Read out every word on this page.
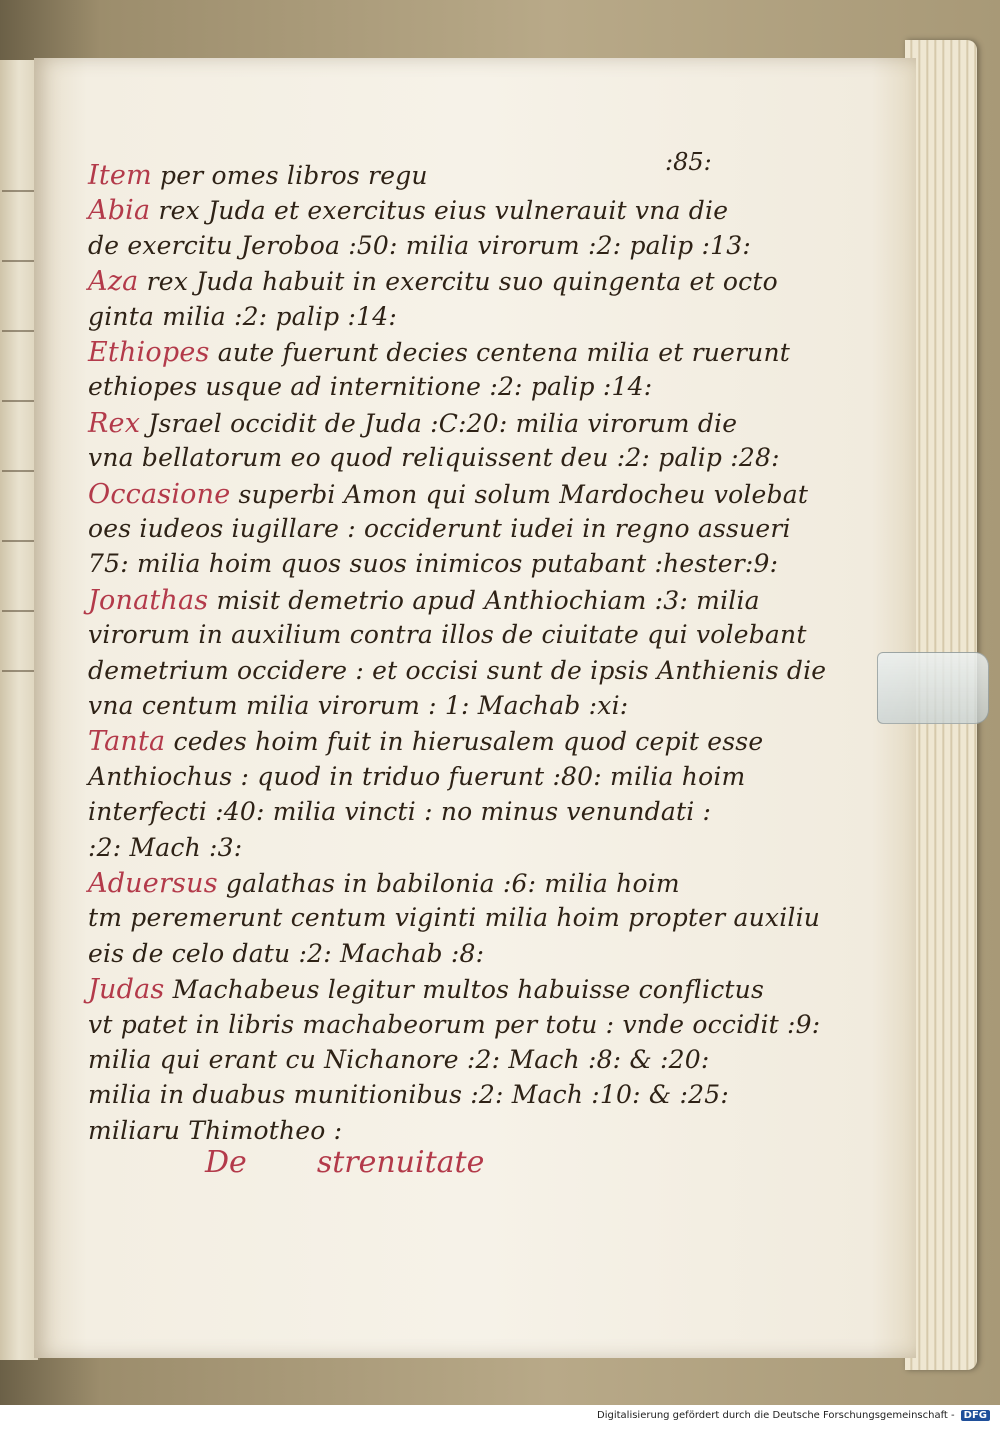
:85:
Item per omes libros regu
Abia rex Juda et exercitus eius vulnerauit vna die
de exercitu Jeroboa :50: milia virorum :2: palip :13:
Aza rex Juda habuit in exercitu suo quingenta et octo
ginta milia :2: palip :14:
Ethiopes aute fuerunt decies centena milia et ruerunt
ethiopes usque ad internitione :2: palip :14:
Rex Jsrael occidit de Juda :C:20: milia virorum die
vna bellatorum eo quod reliquissent deu :2: palip :28:
Occasione superbi Amon qui solum Mardocheu volebat
oes iudeos iugillare : occiderunt iudei in regno assueri
75: milia hoim quos suos inimicos putabant :hester:9:
Jonathas misit demetrio apud Anthiochiam :3: milia
virorum in auxilium contra illos de ciuitate qui volebant
demetrium occidere : et occisi sunt de ipsis Anthienis die
vna centum milia virorum : 1: Machab :xi:
Tanta cedes hoim fuit in hierusalem quod cepit esse
Anthiochus : quod in triduo fuerunt :80: milia hoim
interfecti :40: milia vincti : no minus venundati :
:2: Mach :3:
Aduersus galathas in babilonia :6: milia hoim
tm peremerunt centum viginti milia hoim propter auxiliu
eis de celo datu :2: Machab :8:
Judas Machabeus legitur multos habuisse conflictus
vt patet in libris machabeorum per totu : vnde occidit :9:
milia qui erant cu Nichanore :2: Mach :8: & :20:
milia in duabus munitionibus :2: Mach :10: & :25:
miliaru Thimotheo :
De strenuitate
Digitalisierung gefördert durch die Deutsche Forschungsgemeinschaft - DFG
